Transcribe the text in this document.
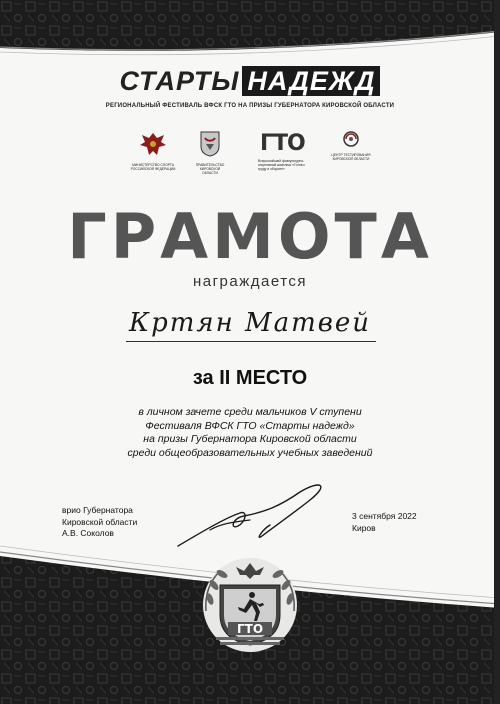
СТАРТЫ НАДЕЖД
РЕГИОНАЛЬНЫЙ ФЕСТИВАЛЬ ВФСК ГТО НА ПРИЗЫ ГУБЕРНАТОРА КИРОВСКОЙ ОБЛАСТИ
МИНИСТЕРСТВО СПОРТА РОССИЙСКОЙ ФЕДЕРАЦИИ
ПРАВИТЕЛЬСТВО КИРОВСКОЙ ОБЛАСТИ
ГТО
Всероссийский физкультурно-спортивный комплекс «Готов к труду и обороне»
ЦЕНТР ТЕСТИРОВАНИЯ КИРОВСКОЙ ОБЛАСТИ
ГРАМОТА
награждается
Кртян Матвей
за II МЕСТО
в личном зачете среди мальчиков V ступени
Фестиваля ВФСК ГТО «Старты надежд»
на призы Губернатора Кировской области
среди общеобразовательных учебных заведений
врио Губернатора
Кировской области
А.В. Соколов
3 сентября 2022
Киров
ГТО
